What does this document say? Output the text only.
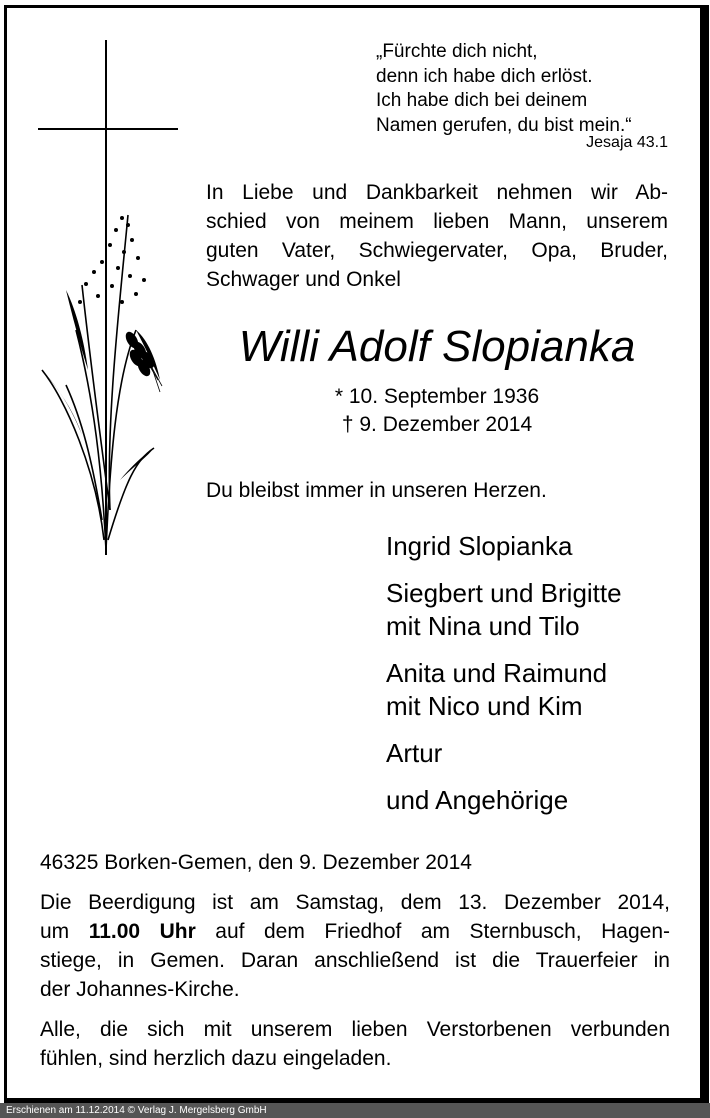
„Fürchte dich nicht,
denn ich habe dich erlöst.
Ich habe dich bei deinem
Namen gerufen, du bist mein.“
Jesaja 43.1
In Liebe und Dankbarkeit nehmen wir Ab-
schied von meinem lieben Mann, unserem
guten Vater, Schwiegervater, Opa, Bruder,
Schwager und Onkel
Willi Adolf Slopianka
* 10. September 1936
† 9. Dezember 2014
Du bleibst immer in unseren Herzen.
Ingrid Slopianka
Siegbert und Brigitte
mit Nina und Tilo
Anita und Raimund
mit Nico und Kim
Artur
und Angehörige

46325 Borken-Gemen, den 9. Dezember 2014

Die Beerdigung ist am Samstag, dem 13. Dezember 2014,
um 11.00 Uhr auf dem Friedhof am Sternbusch, Hagen-
stiege, in Gemen. Daran anschließend ist die Trauerfeier in
der Johannes-Kirche.

Alle, die sich mit unserem lieben Verstorbenen verbunden
fühlen, sind herzlich dazu eingeladen.

Erschienen am 11.12.2014 © Verlag J. Mergelsberg GmbH
